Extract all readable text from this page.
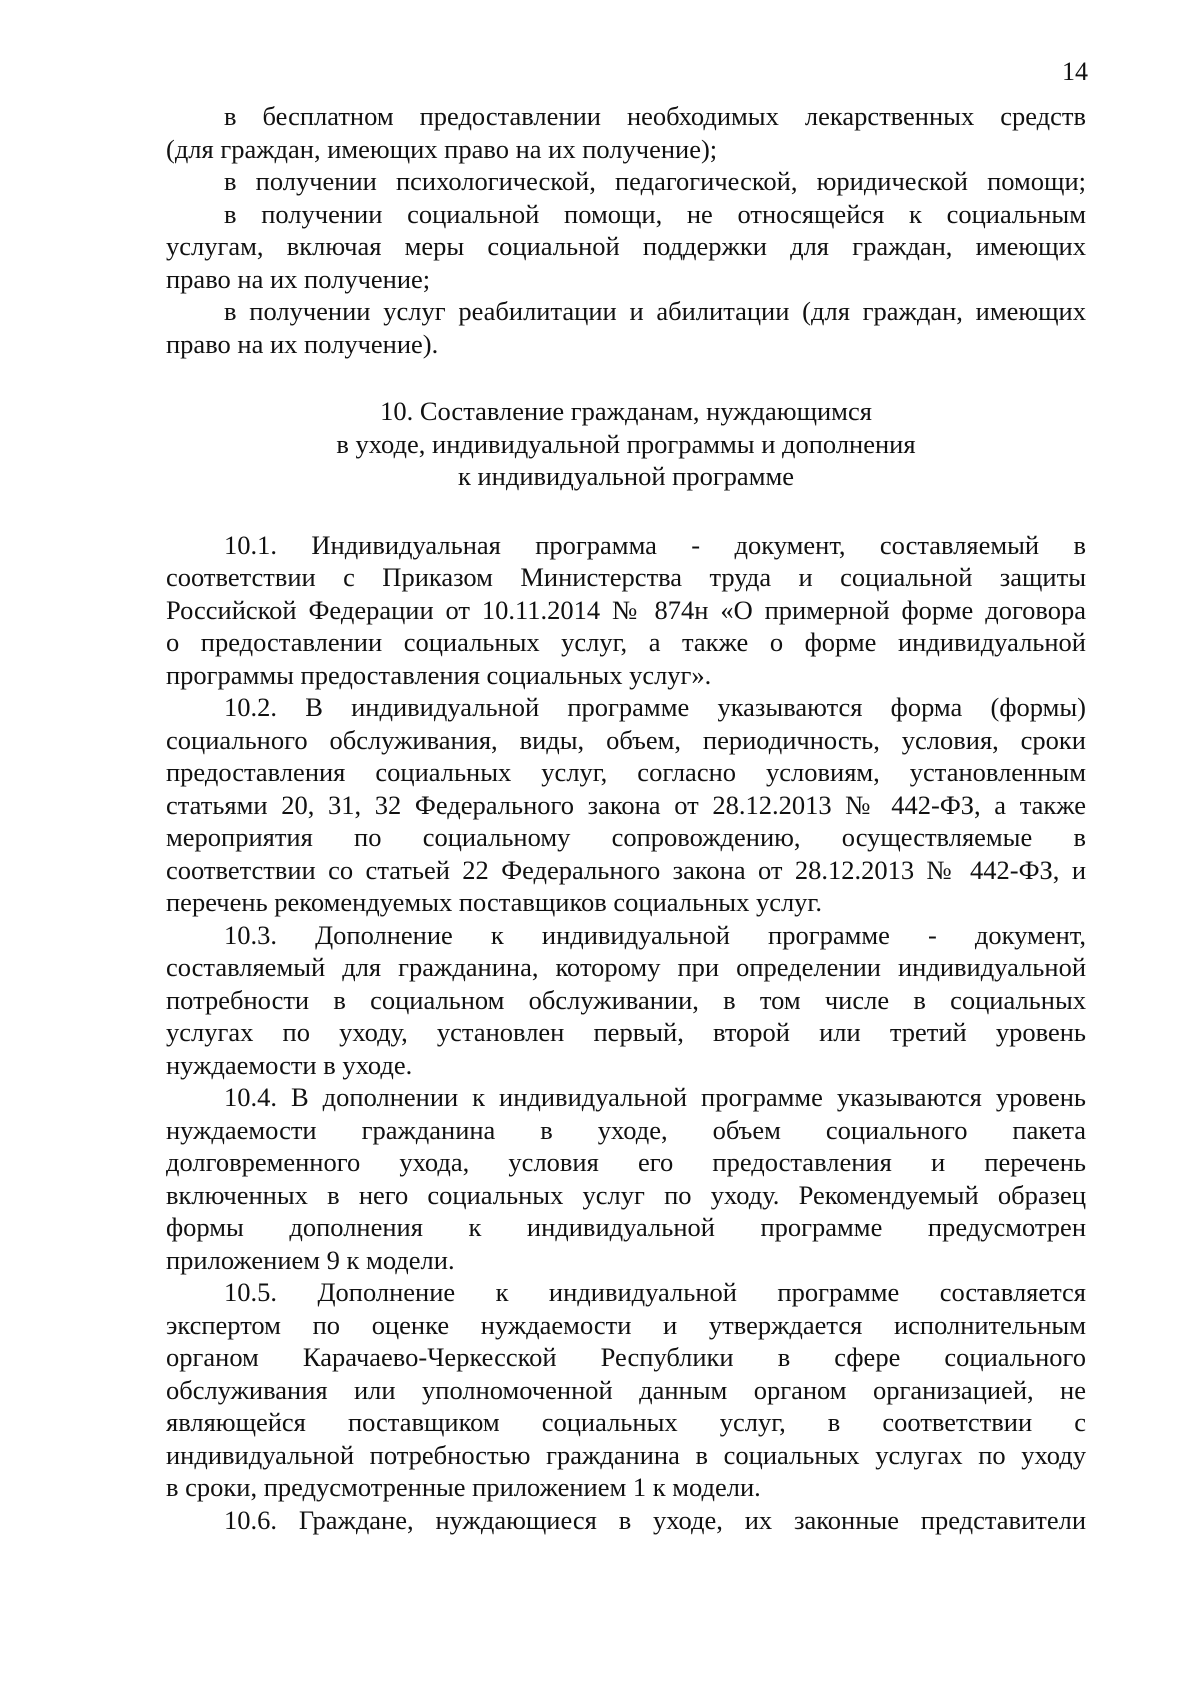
14
в бесплатном предоставлении необходимых лекарственных средств
(для граждан, имеющих право на их получение);
в получении психологической, педагогической, юридической помощи;
в получении социальной помощи, не относящейся к социальным
услугам, включая меры социальной поддержки для граждан, имеющих
право на их получение;
в получении услуг реабилитации и абилитации (для граждан, имеющих
право на их получение).
10. Составление гражданам, нуждающимся
в уходе, индивидуальной программы и дополнения
к индивидуальной программе
10.1. Индивидуальная программа - документ, составляемый в
соответствии с Приказом Министерства труда и социальной защиты
Российской Федерации от 10.11.2014 № 874н «О примерной форме договора
о предоставлении социальных услуг, а также о форме индивидуальной
программы предоставления социальных услуг».
10.2. В индивидуальной программе указываются форма (формы)
социального обслуживания, виды, объем, периодичность, условия, сроки
предоставления социальных услуг, согласно условиям, установленным
статьями 20, 31, 32 Федерального закона от 28.12.2013 № 442-ФЗ, а также
мероприятия по социальному сопровождению, осуществляемые в
соответствии со статьей 22 Федерального закона от 28.12.2013 № 442-ФЗ, и
перечень рекомендуемых поставщиков социальных услуг.
10.3. Дополнение к индивидуальной программе - документ,
составляемый для гражданина, которому при определении индивидуальной
потребности в социальном обслуживании, в том числе в социальных
услугах по уходу, установлен первый, второй или третий уровень
нуждаемости в уходе.
10.4. В дополнении к индивидуальной программе указываются уровень
нуждаемости гражданина в уходе, объем социального пакета
долговременного ухода, условия его предоставления и перечень
включенных в него социальных услуг по уходу. Рекомендуемый образец
формы дополнения к индивидуальной программе предусмотрен
приложением 9 к модели.
10.5. Дополнение к индивидуальной программе составляется
экспертом по оценке нуждаемости и утверждается исполнительным
органом Карачаево-Черкесской Республики в сфере социального
обслуживания или уполномоченной данным органом организацией, не
являющейся поставщиком социальных услуг, в соответствии с
индивидуальной потребностью гражданина в социальных услугах по уходу
в сроки, предусмотренные приложением 1 к модели.
10.6. Граждане, нуждающиеся в уходе, их законные представители
